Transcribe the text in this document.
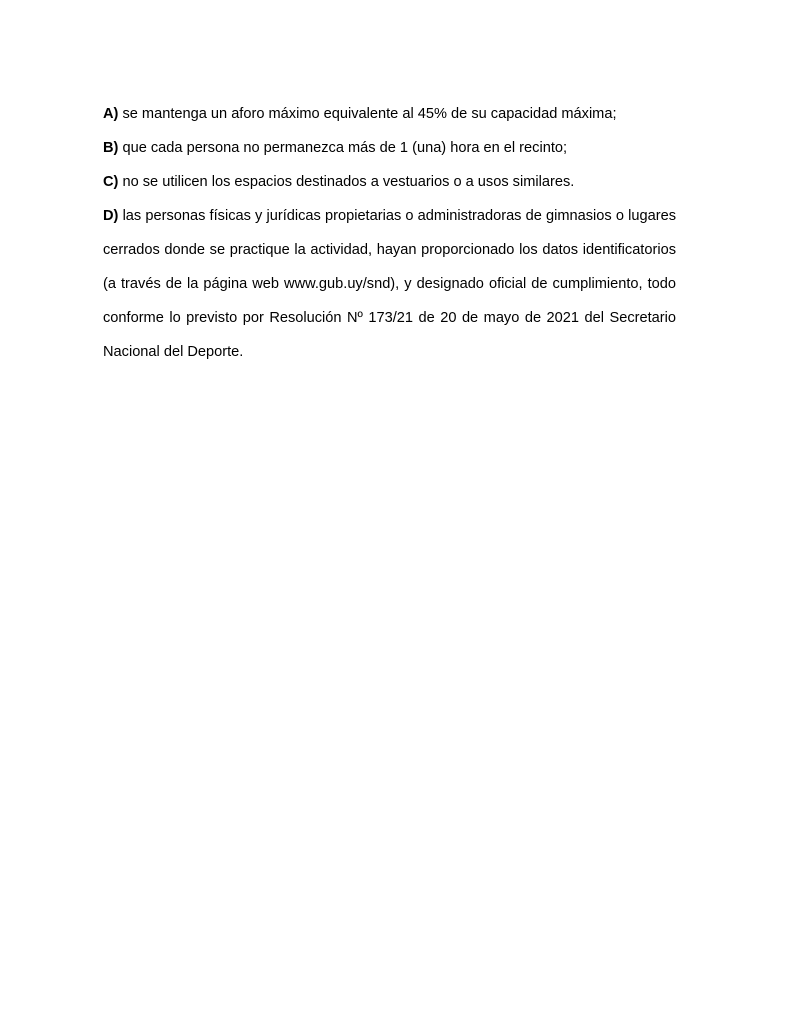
A) se mantenga un aforo máximo equivalente al 45% de su capacidad máxima;

B) que cada persona no permanezca más de 1 (una) hora en el recinto;

C) no se utilicen los espacios destinados a vestuarios o a usos similares.

D) las personas físicas y jurídicas propietarias o administradoras de gimnasios o lugares cerrados donde se practique la actividad, hayan proporcionado los datos identificatorios (a través de la página web www.gub.uy/snd), y designado oficial de cumplimiento, todo conforme lo previsto por Resolución Nº 173/21 de 20 de mayo de 2021 del Secretario Nacional del Deporte.
